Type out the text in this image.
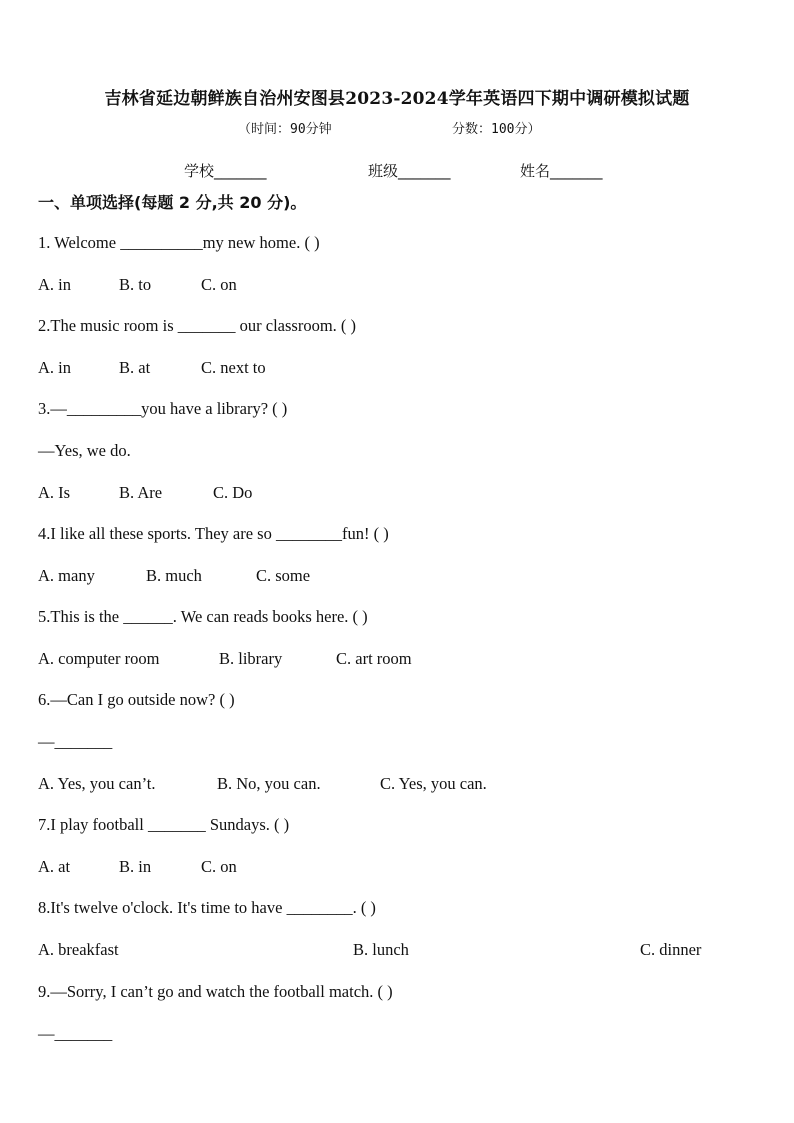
吉林省延边朝鲜族自治州安图县2023-2024学年英语四下期中调研模拟试题
（时间：90分钟	分数：100分）
学校_______	班级_______	姓名_______
一、单项选择(每题 2 分,共 20 分)。
1. Welcome __________my new home. ( )
A. in	B. to	C. on
2.The music room is _______ our classroom. ( )
A. in	B. at	C. next to
3.—_________you have a library? ( )
—Yes, we do.
A. Is	B. Are	C. Do
4.I like all these sports. They are so ________fun! ( )
A. many	B. much	C. some
5.This is the ______. We can reads books here. ( )
A. computer room	B. library	C. art room
6.—Can I go outside now? ( )
—_______
A. Yes, you can’t.	B. No, you can.	C. Yes, you can.
7.I play football _______ Sundays. ( )
A. at	B. in	C. on
8.It's twelve o'clock. It's time to have ________. ( )
A. breakfast	B. lunch	C. dinner
9.—Sorry, I can’t go and watch the football match. ( )
—_______
